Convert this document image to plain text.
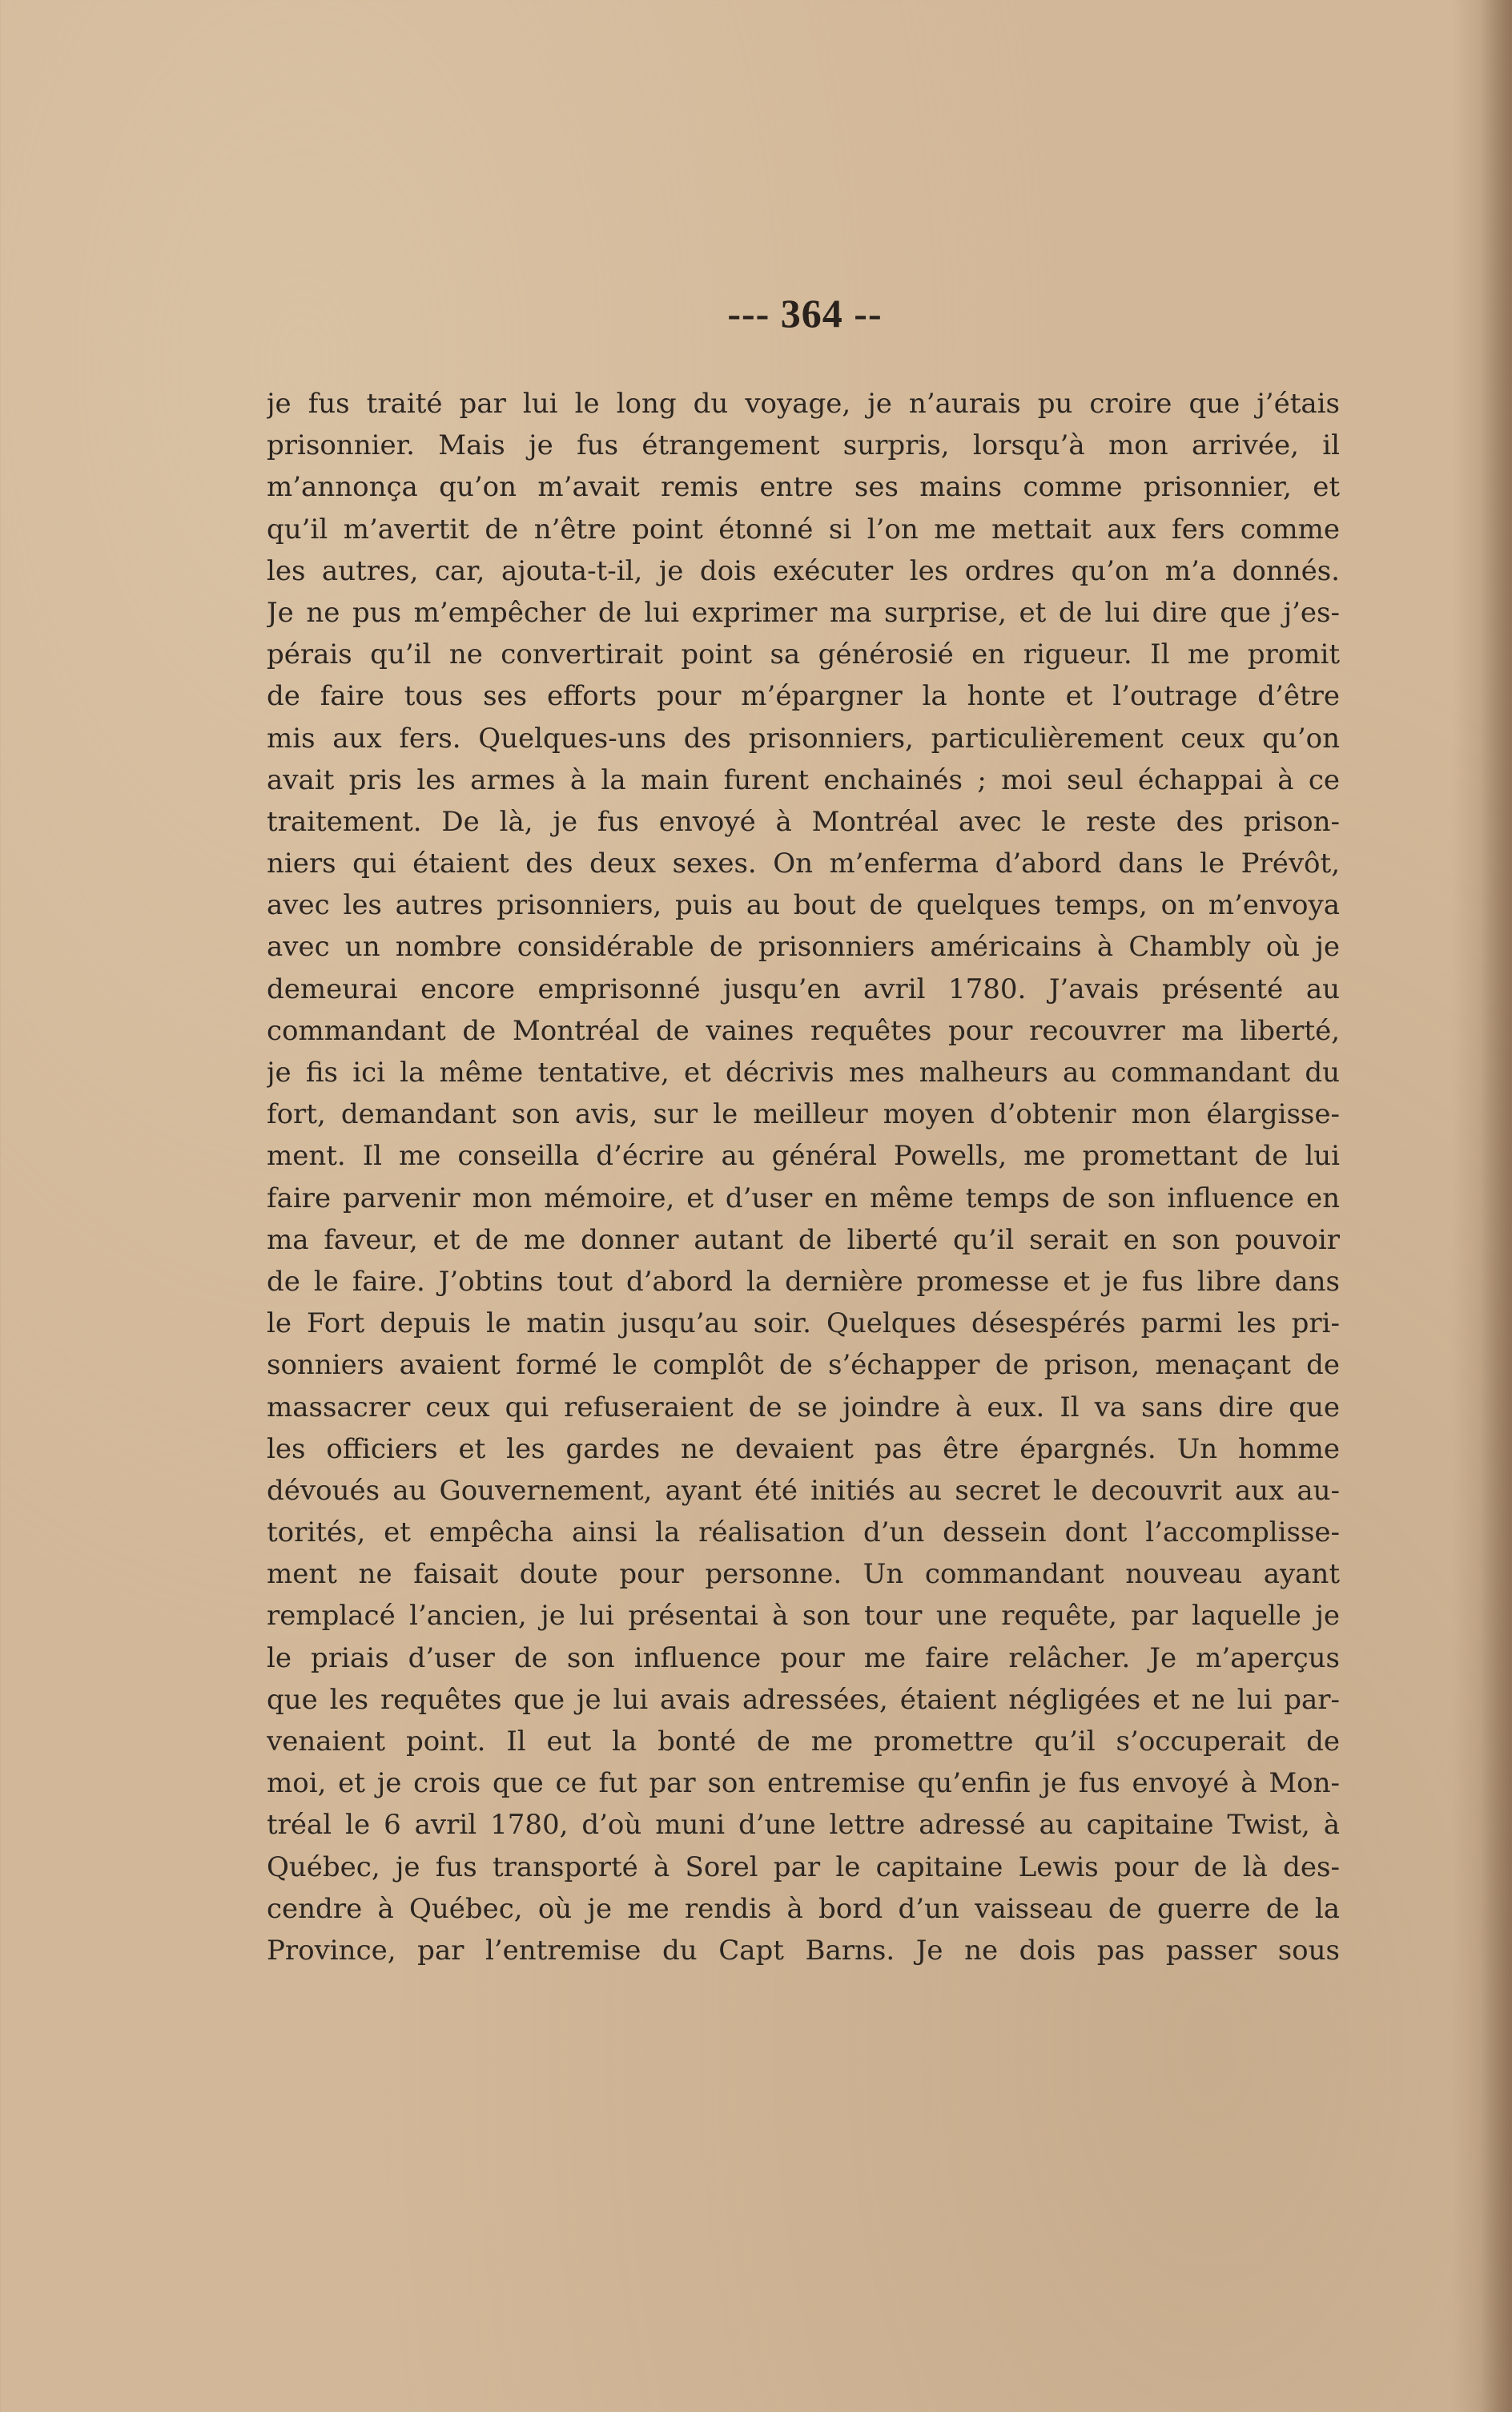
--- 364 --
je fus traité par lui le long du voyage, je n’aurais pu croire que j’étais
prisonnier. Mais je fus étrangement surpris, lorsqu’à mon arrivée, il
m’annonça qu’on m’avait remis entre ses mains comme prisonnier, et
qu’il m’avertit de n’être point étonné si l’on me mettait aux fers comme
les autres, car, ajouta-t-il, je dois exécuter les ordres qu’on m’a donnés.
Je ne pus m’empêcher de lui exprimer ma surprise, et de lui dire que j’es-
pérais qu’il ne convertirait point sa générosié en rigueur. Il me promit
de faire tous ses efforts pour m’épargner la honte et l’outrage d’être
mis aux fers. Quelques-uns des prisonniers, particulièrement ceux qu’on
avait pris les armes à la main furent enchainés ; moi seul échappai à ce
traitement. De là, je fus envoyé à Montréal avec le reste des prison-
niers qui étaient des deux sexes. On m’enferma d’abord dans le Prévôt,
avec les autres prisonniers, puis au bout de quelques temps, on m’envoya
avec un nombre considérable de prisonniers américains à Chambly où je
demeurai encore emprisonné jusqu’en avril 1780. J’avais présenté au
commandant de Montréal de vaines requêtes pour recouvrer ma liberté,
je fis ici la même tentative, et décrivis mes malheurs au commandant du
fort, demandant son avis, sur le meilleur moyen d’obtenir mon élargisse-
ment. Il me conseilla d’écrire au général Powells, me promettant de lui
faire parvenir mon mémoire, et d’user en même temps de son influence en
ma faveur, et de me donner autant de liberté qu’il serait en son pouvoir
de le faire. J’obtins tout d’abord la dernière promesse et je fus libre dans
le Fort depuis le matin jusqu’au soir. Quelques désespérés parmi les pri-
sonniers avaient formé le complôt de s’échapper de prison, menaçant de
massacrer ceux qui refuseraient de se joindre à eux. Il va sans dire que
les officiers et les gardes ne devaient pas être épargnés. Un homme
dévoués au Gouvernement, ayant été initiés au secret le decouvrit aux au-
torités, et empêcha ainsi la réalisation d’un dessein dont l’accomplisse-
ment ne faisait doute pour personne. Un commandant nouveau ayant
remplacé l’ancien, je lui présentai à son tour une requête, par laquelle je
le priais d’user de son influence pour me faire relâcher. Je m’aperçus
que les requêtes que je lui avais adressées, étaient négligées et ne lui par-
venaient point. Il eut la bonté de me promettre qu’il s’occuperait de
moi, et je crois que ce fut par son entremise qu’enfin je fus envoyé à Mon-
tréal le 6 avril 1780, d’où muni d’une lettre adressé au capitaine Twist, à
Québec, je fus transporté à Sorel par le capitaine Lewis pour de là des-
cendre à Québec, où je me rendis à bord d’un vaisseau de guerre de la
Province, par l’entremise du Capt Barns. Je ne dois pas passer sous
